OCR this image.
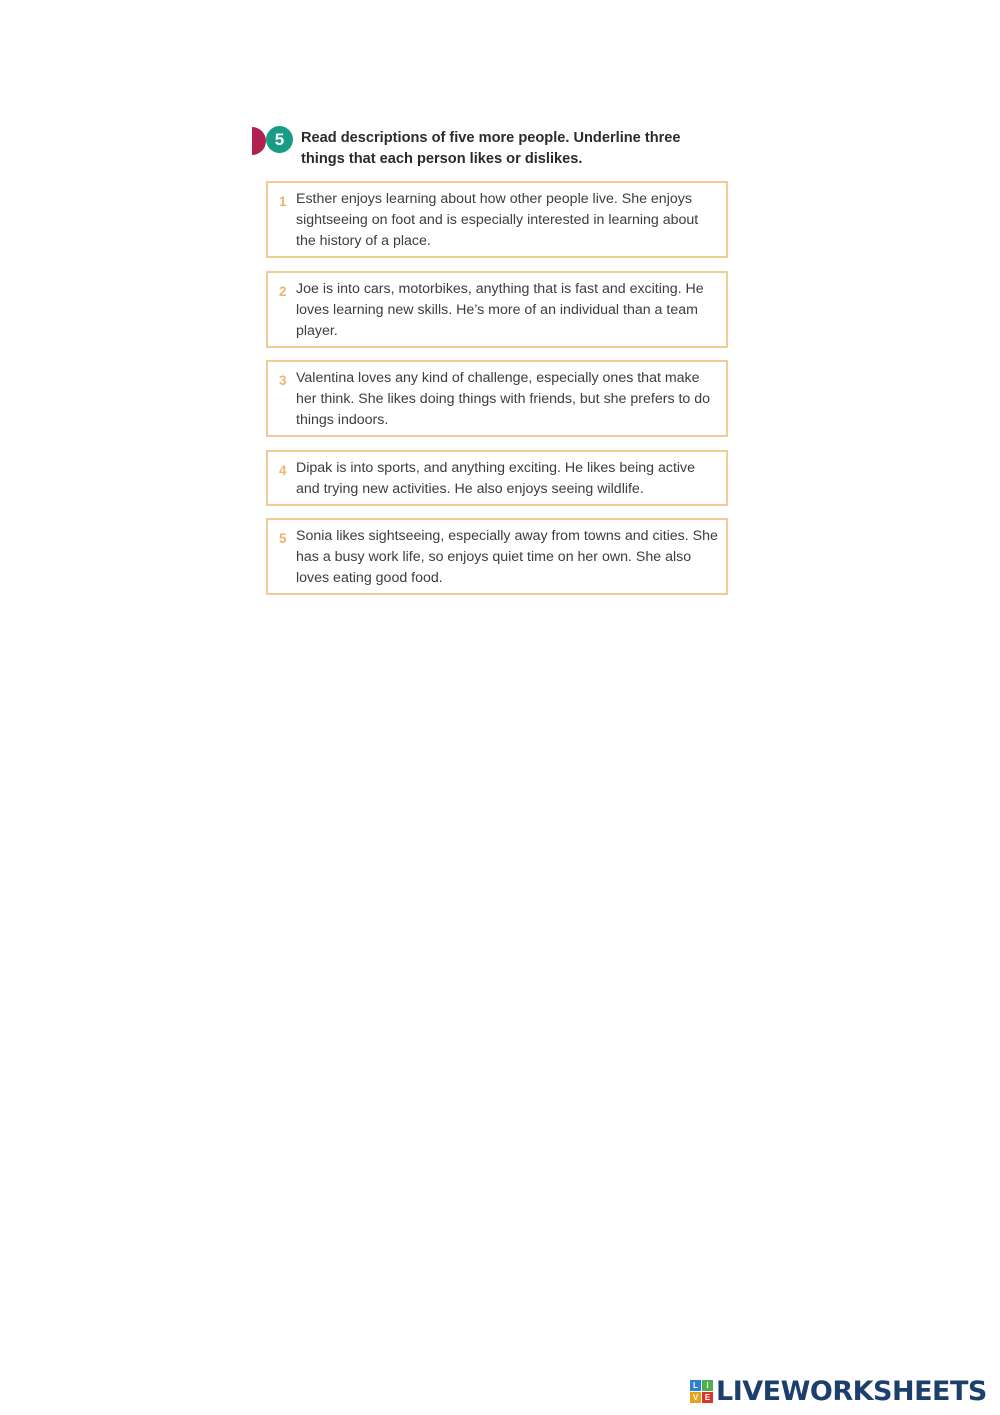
5	Read descriptions of five more people. Underline three things that each person likes or dislikes.
1 Esther enjoys learning about how other people live. She enjoys sightseeing on foot and is especially interested in learning about the history of a place.
2 Joe is into cars, motorbikes, anything that is fast and exciting. He loves learning new skills. He’s more of an individual than a team player.
3 Valentina loves any kind of challenge, especially ones that make her think. She likes doing things with friends, but she prefers to do things indoors.
4 Dipak is into sports, and anything exciting. He likes being active and trying new activities. He also enjoys seeing wildlife.
5 Sonia likes sightseeing, especially away from towns and cities. She has a busy work life, so enjoys quiet time on her own. She also loves eating good food.
L	I
V E LIVEWORKSHEETS
